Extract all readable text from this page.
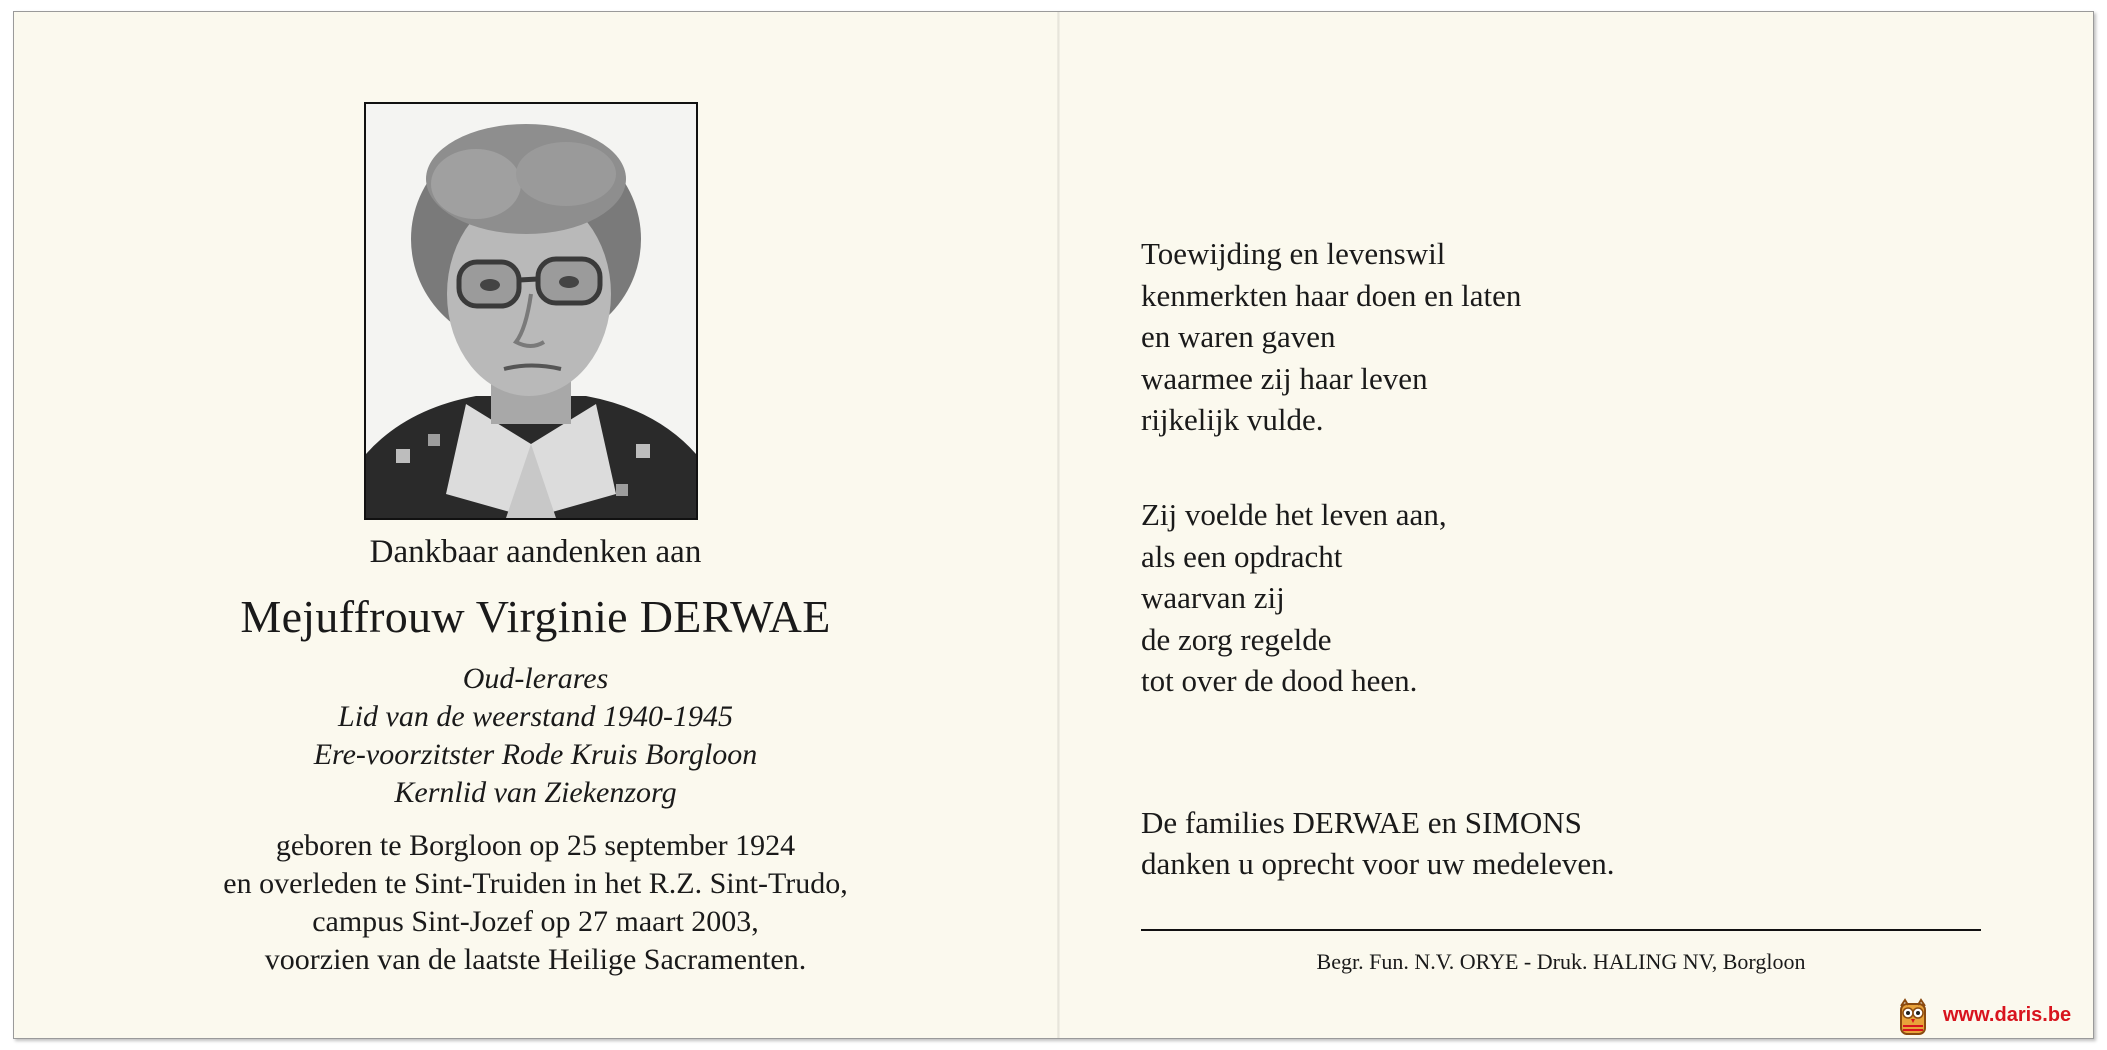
Dankbaar aandenken aan
Mejuffrouw Virginie DERWAE
Oud-lerares
Lid van de weerstand 1940-1945
Ere-voorzitster Rode Kruis Borgloon
Kernlid van Ziekenzorg
geboren te Borgloon op 25 september 1924
en overleden te Sint-Truiden in het R.Z. Sint-Trudo,
campus Sint-Jozef op 27 maart 2003,
voorzien van de laatste Heilige Sacramenten.
Toewijding en levenswil
kenmerkten haar doen en laten
en waren gaven
waarmee zij haar leven
rijkelijk vulde.
Zij voelde het leven aan,
als een opdracht
waarvan zij
de zorg regelde
tot over de dood heen.
De families DERWAE en SIMONS
danken u oprecht voor uw medeleven.
Begr. Fun. N.V. ORYE - Druk. HALING NV, Borgloon
www.daris.be
